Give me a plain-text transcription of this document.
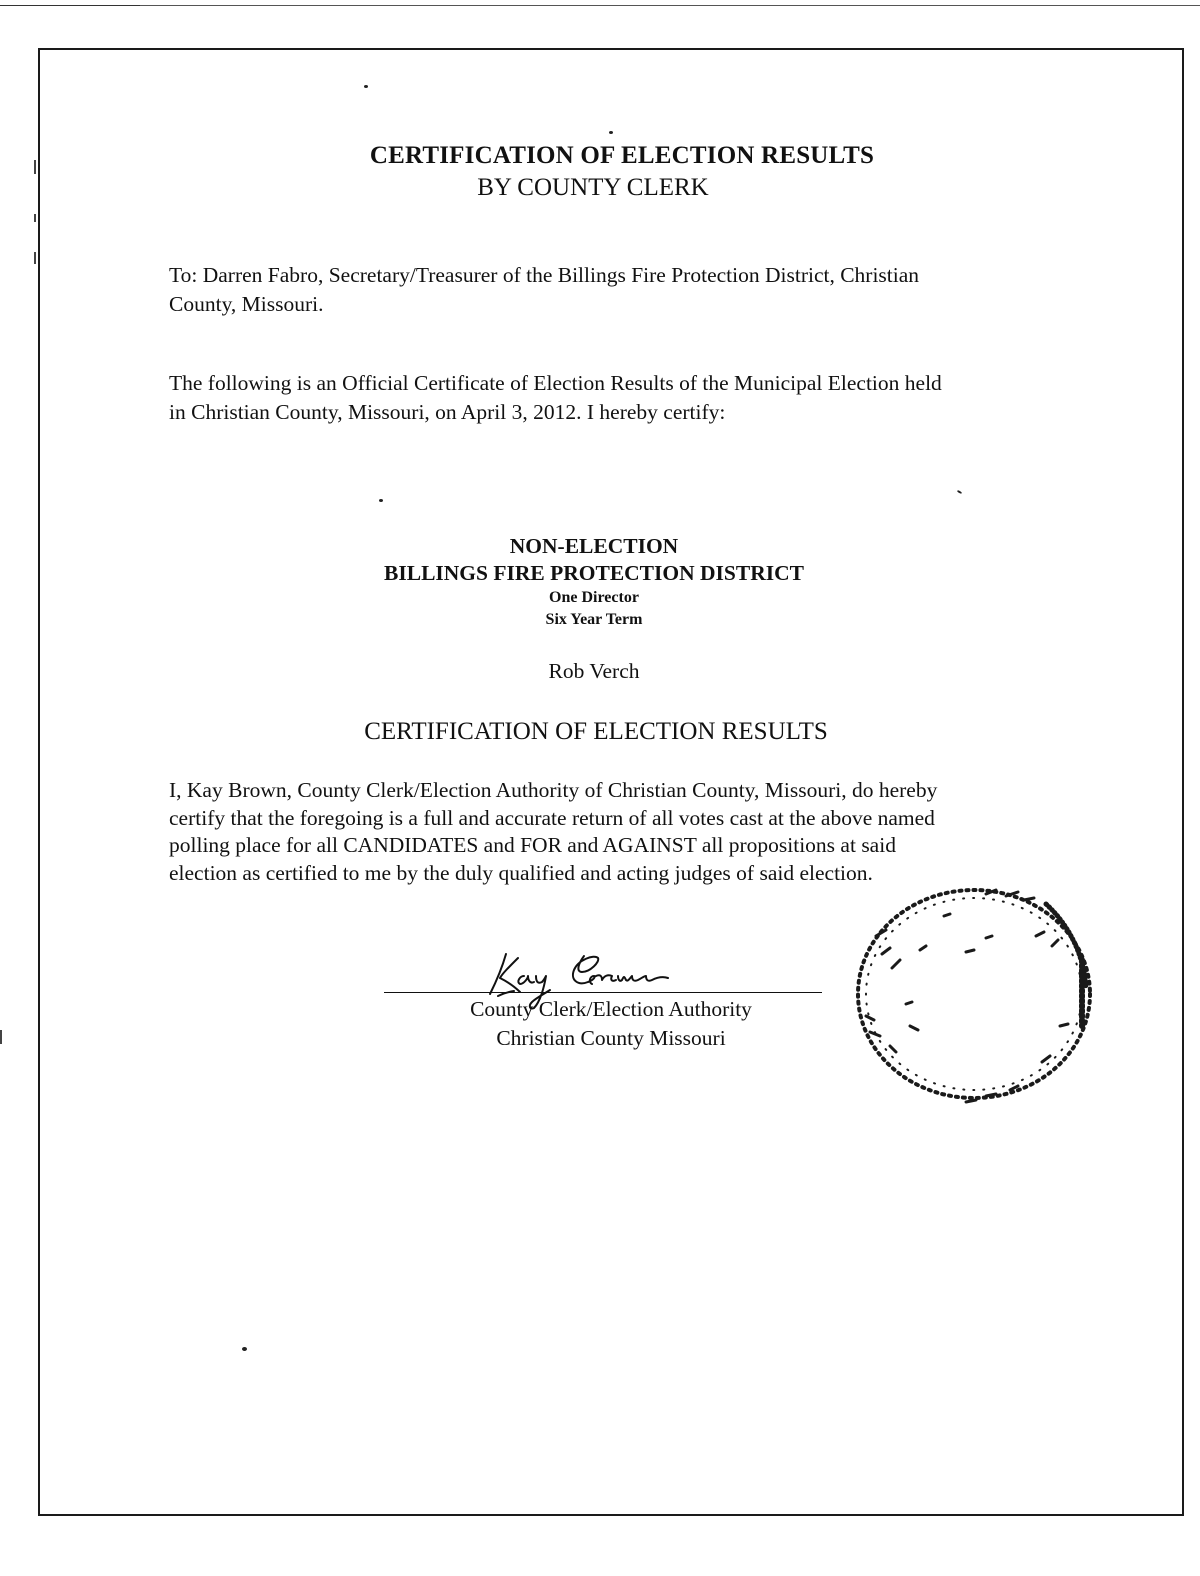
CERTIFICATION OF ELECTION RESULTS
BY COUNTY CLERK

To: Darren Fabro, Secretary/Treasurer of the Billings Fire Protection District, Christian
County, Missouri.

The following is an Official Certificate of Election Results of the Municipal Election held
in Christian County, Missouri, on April 3, 2012. I hereby certify:

NON-ELECTION
BILLINGS FIRE PROTECTION DISTRICT
One Director
Six Year Term
Rob Verch
CERTIFICATION OF ELECTION RESULTS

I, Kay Brown, County Clerk/Election Authority of Christian County, Missouri, do hereby
certify that the foregoing is a full and accurate return of all votes cast at the above named
polling place for all CANDIDATES and FOR and AGAINST all propositions at said
election as certified to me by the duly qualified and acting judges of said election.

County Clerk/Election Authority
Christian County Missouri
